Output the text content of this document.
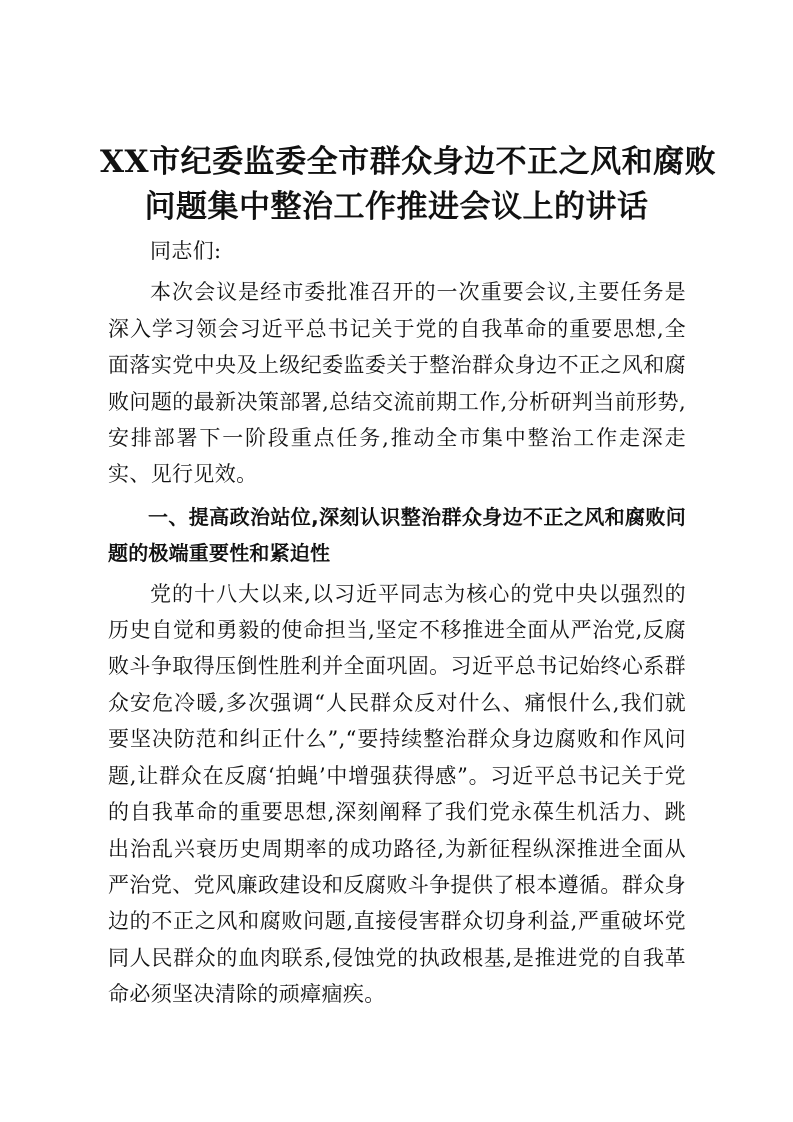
XX市纪委监委全市群众身边不正之风和腐败
问题集中整治工作推进会议上的讲话

同志们:

本次会议是经市委批准召开的一次重要会议,主要任务是深入学习领会习近平总书记关于党的自我革命的重要思想,全面落实党中央及上级纪委监委关于整治群众身边不正之风和腐败问题的最新决策部署,总结交流前期工作,分析研判当前形势,安排部署下一阶段重点任务,推动全市集中整治工作走深走实、见行见效。

一、提高政治站位,深刻认识整治群众身边不正之风和腐败问题的极端重要性和紧迫性

党的十八大以来,以习近平同志为核心的党中央以强烈的历史自觉和勇毅的使命担当,坚定不移推进全面从严治党,反腐败斗争取得压倒性胜利并全面巩固。习近平总书记始终心系群众安危冷暖,多次强调“人民群众反对什么、痛恨什么,我们就要坚决防范和纠正什么”,“要持续整治群众身边腐败和作风问题,让群众在反腐‘拍蝇’中增强获得感”。习近平总书记关于党的自我革命的重要思想,深刻阐释了我们党永葆生机活力、跳出治乱兴衰历史周期率的成功路径,为新征程纵深推进全面从严治党、党风廉政建设和反腐败斗争提供了根本遵循。群众身边的不正之风和腐败问题,直接侵害群众切身利益,严重破坏党同人民群众的血肉联系,侵蚀党的执政根基,是推进党的自我革命必须坚决清除的顽瘴痼疾。
